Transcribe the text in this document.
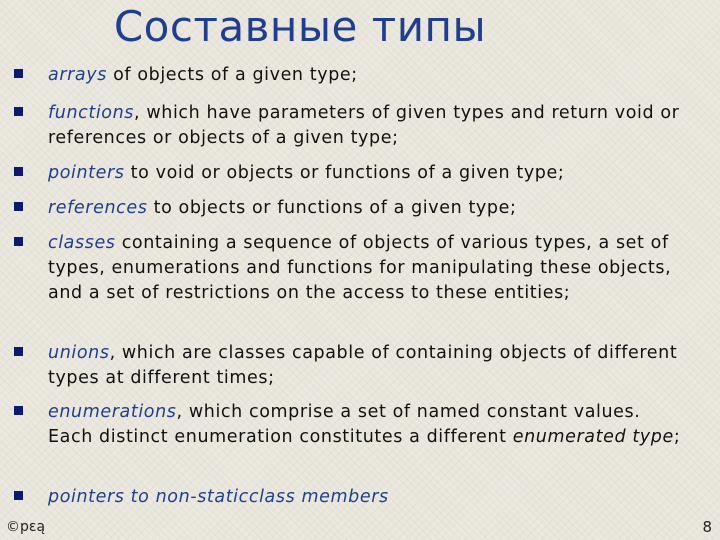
Составные типы
arrays of objects of a given type;
functions, which have parameters of given types and return void or references or objects of a given type;
pointers to void or objects or functions of a given type;
references to objects or functions of a given type;
classes containing a sequence of objects of various types, a set of types, enumerations and functions for manipulating these objects, and a set of restrictions on the access to these entities;
unions, which are classes capable of containing objects of different types at different times;
enumerations, which comprise a set of named constant values. Each distinct enumeration constitutes a different enumerated type;
pointers to non-staticclass members
©pεą	8
